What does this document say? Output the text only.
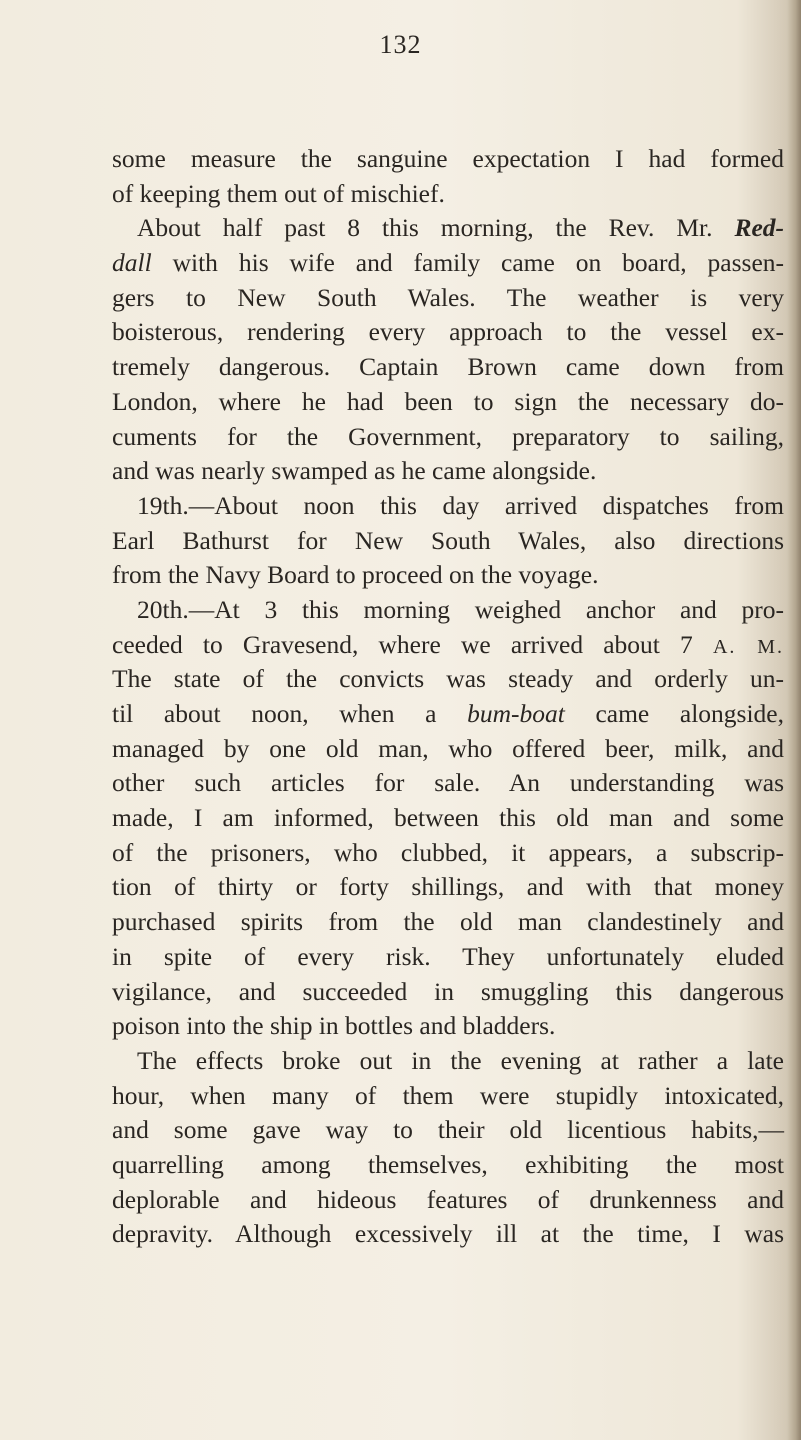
132
some measure the sanguine expectation I had formed
of keeping them out of mischief.
About half past 8 this morning, the Rev. Mr. Red-
dall with his wife and family came on board, passen-
gers to New South Wales. The weather is very
boisterous, rendering every approach to the vessel ex-
tremely dangerous. Captain Brown came down from
London, where he had been to sign the necessary do-
cuments for the Government, preparatory to sailing,
and was nearly swamped as he came alongside.
19th.—About noon this day arrived dispatches from
Earl Bathurst for New South Wales, also directions
from the Navy Board to proceed on the voyage.
20th.—At 3 this morning weighed anchor and pro-
ceeded to Gravesend, where we arrived about 7 A. M.
The state of the convicts was steady and orderly un-
til about noon, when a bum-boat came alongside,
managed by one old man, who offered beer, milk, and
other such articles for sale. An understanding was
made, I am informed, between this old man and some
of the prisoners, who clubbed, it appears, a subscrip-
tion of thirty or forty shillings, and with that money
purchased spirits from the old man clandestinely and
in spite of every risk. They unfortunately eluded
vigilance, and succeeded in smuggling this dangerous
poison into the ship in bottles and bladders.
The effects broke out in the evening at rather a late
hour, when many of them were stupidly intoxicated,
and some gave way to their old licentious habits,—
quarrelling among themselves, exhibiting the most
deplorable and hideous features of drunkenness and
depravity. Although excessively ill at the time, I was
